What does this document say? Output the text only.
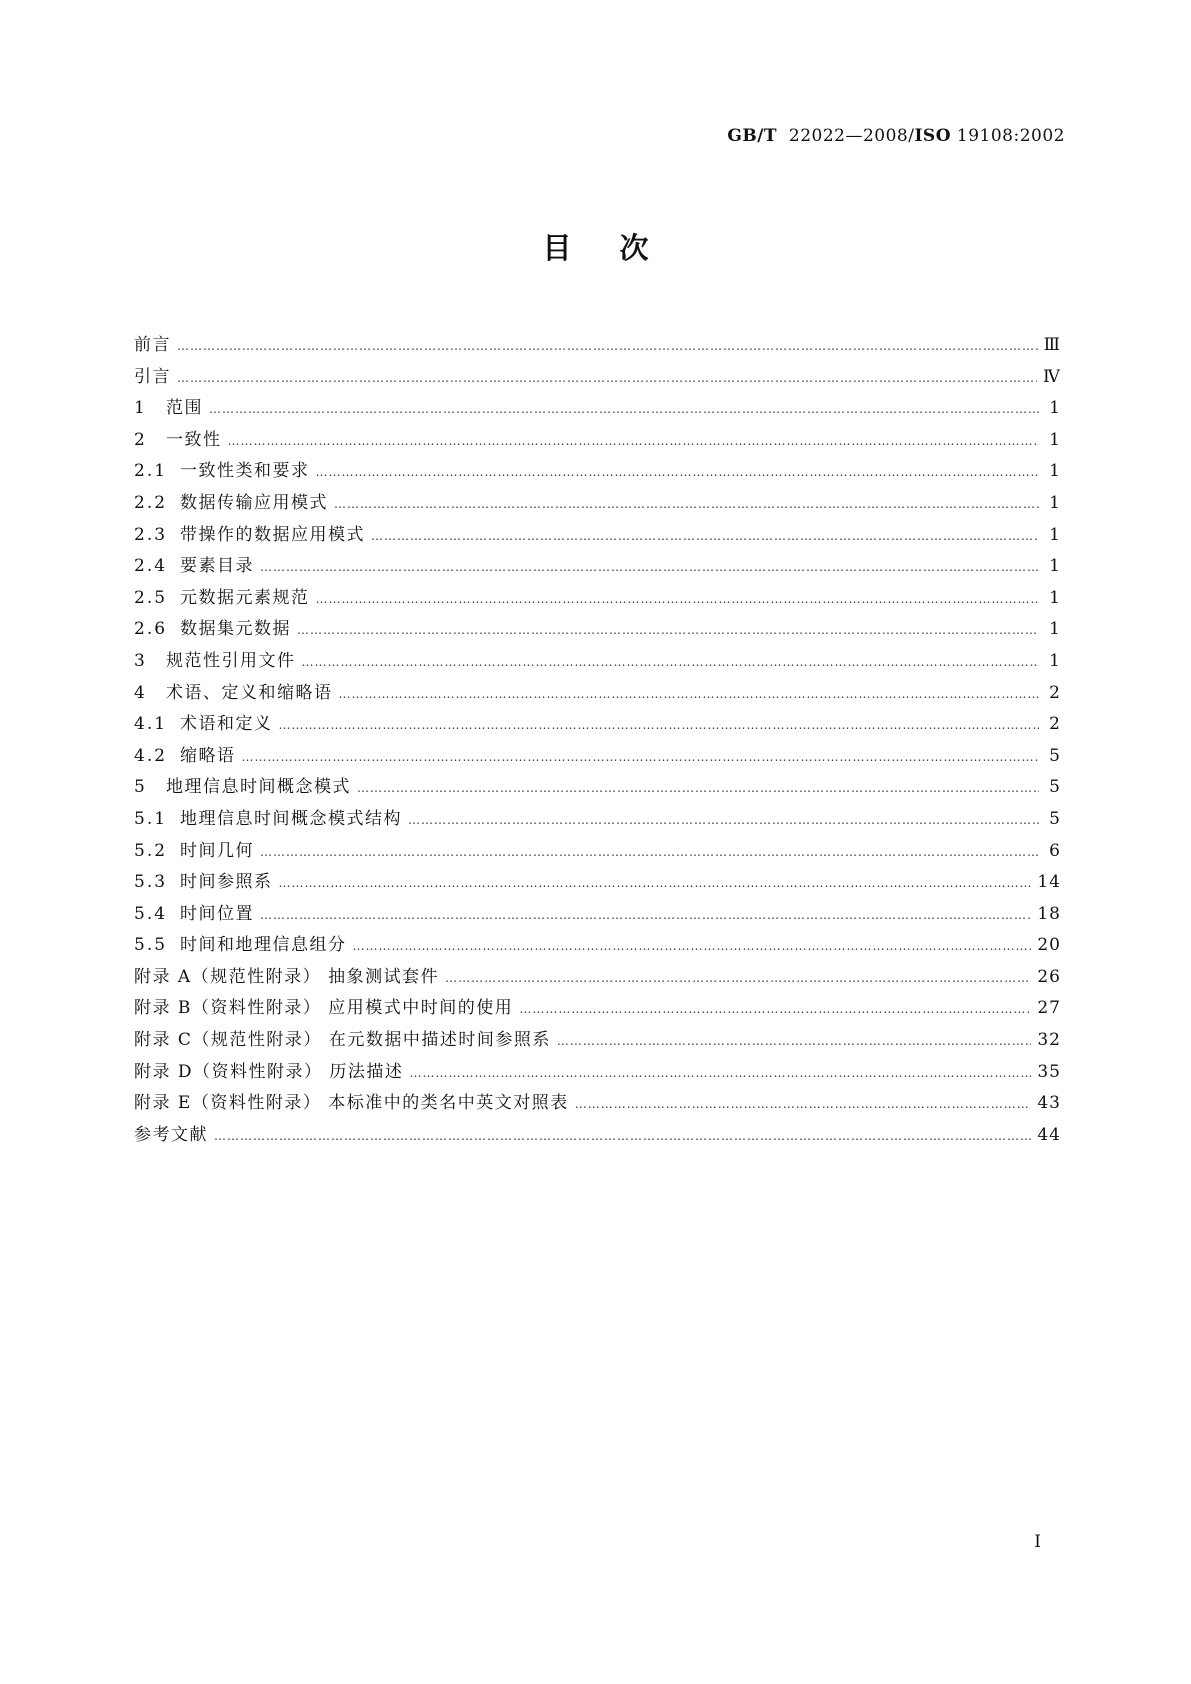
GB/T 22022—2008/ISO 19108:2002
目次
前言 ……………………………………………………………………………………………………………………………………………………………………………………………………	Ⅲ
引言 ……………………………………………………………………………………………………………………………………………………………………………………………………	Ⅳ
1	范围 ……………………………………………………………………………………………………………………………………………………………………………………………………	1
2	一致性 ……………………………………………………………………………………………………………………………………………………………………………………………………	1
2.1 一致性类和要求 ……………………………………………………………………………………………………………………………………………………………………………………………………	1
2.2 数据传输应用模式 ……………………………………………………………………………………………………………………………………………………………………………………………………	1
2.3 带操作的数据应用模式 ……………………………………………………………………………………………………………………………………………………………………………………………………	1
2.4 要素目录 ……………………………………………………………………………………………………………………………………………………………………………………………………	1
2.5 元数据元素规范 ……………………………………………………………………………………………………………………………………………………………………………………………………	1
2.6 数据集元数据 ……………………………………………………………………………………………………………………………………………………………………………………………………	1
3	规范性引用文件 ……………………………………………………………………………………………………………………………………………………………………………………………………	1
4	术语、定义和缩略语 ……………………………………………………………………………………………………………………………………………………………………………………………………	2
4.1 术语和定义 ……………………………………………………………………………………………………………………………………………………………………………………………………	2
4.2 缩略语 ……………………………………………………………………………………………………………………………………………………………………………………………………	5
5	地理信息时间概念模式 ……………………………………………………………………………………………………………………………………………………………………………………………………	5
5.1 地理信息时间概念模式结构 ……………………………………………………………………………………………………………………………………………………………………………………………………	5
5.2 时间几何 ……………………………………………………………………………………………………………………………………………………………………………………………………	6
5.3 时间参照系 ……………………………………………………………………………………………………………………………………………………………………………………………………	14
5.4 时间位置 ……………………………………………………………………………………………………………………………………………………………………………………………………	18
5.5 时间和地理信息组分 ……………………………………………………………………………………………………………………………………………………………………………………………………	20
附录 A（规范性附录） 抽象测试套件 ……………………………………………………………………………………………………………………………………………………………………………………………………	26
附录 B（资料性附录） 应用模式中时间的使用 ……………………………………………………………………………………………………………………………………………………………………………………………………	27
附录 C（规范性附录） 在元数据中描述时间参照系 ……………………………………………………………………………………………………………………………………………………………………………………………………	32
附录 D（资料性附录） 历法描述 ……………………………………………………………………………………………………………………………………………………………………………………………………	35
附录 E（资料性附录） 本标准中的类名中英文对照表 ……………………………………………………………………………………………………………………………………………………………………………………………………	43
参考文献 ……………………………………………………………………………………………………………………………………………………………………………………………………	44
I
